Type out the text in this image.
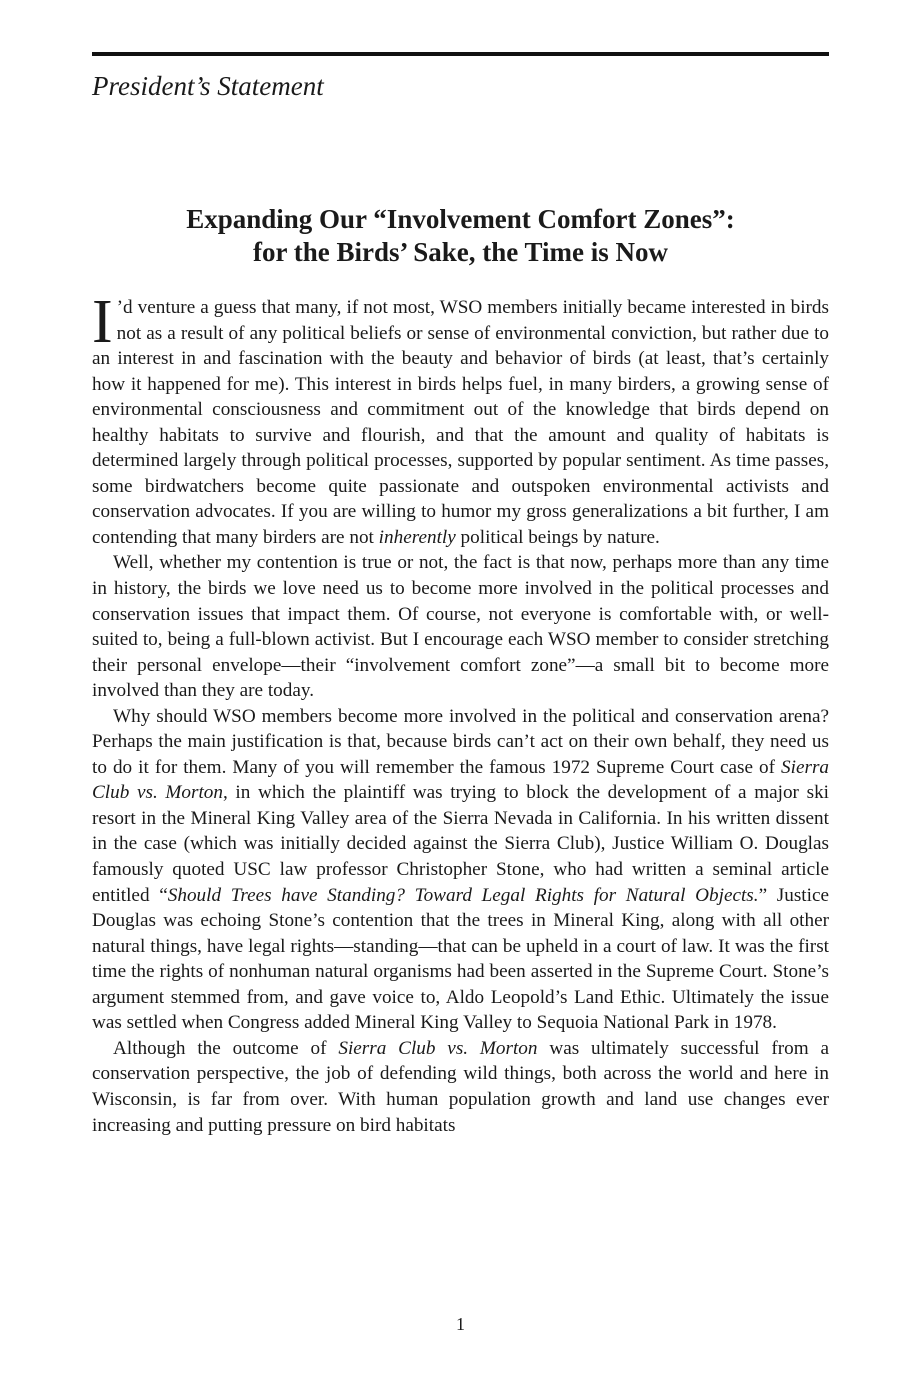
President’s Statement
Expanding Our “Involvement Comfort Zones”:
for the Birds’ Sake, the Time is Now

I ’d venture a guess that many, if not most, WSO members initially became interested in birds not as a result of any political beliefs or sense of environmental conviction, but rather due to an interest in and fascination with the beauty and behavior of birds (at least, that’s certainly how it happened for me). This interest in birds helps fuel, in many birders, a growing sense of environmental consciousness and commitment out of the knowledge that birds depend on healthy habitats to survive and flourish, and that the amount and quality of habitats is determined largely through political processes, supported by popular sentiment. As time passes, some birdwatchers become quite passionate and outspoken environmental activists and conservation advocates. If you are willing to humor my gross generalizations a bit further, I am contending that many birders are not inherently political beings by nature.

Well, whether my contention is true or not, the fact is that now, perhaps more than any time in history, the birds we love need us to become more involved in the political processes and conservation issues that impact them. Of course, not everyone is comfortable with, or well-suited to, being a full-blown activist. But I encourage each WSO member to consider stretching their personal envelope—their “involvement comfort zone”—a small bit to become more involved than they are today.

Why should WSO members become more involved in the political and conservation arena? Perhaps the main justification is that, because birds can’t act on their own behalf, they need us to do it for them. Many of you will remember the famous 1972 Supreme Court case of Sierra Club vs. Morton, in which the plaintiff was trying to block the development of a major ski resort in the Mineral King Valley area of the Sierra Nevada in California. In his written dissent in the case (which was initially decided against the Sierra Club), Justice William O. Douglas famously quoted USC law professor Christopher Stone, who had written a seminal article entitled “Should Trees have Standing? Toward Legal Rights for Natural Objects.” Justice Douglas was echoing Stone’s contention that the trees in Mineral King, along with all other natural things, have legal rights—standing—that can be upheld in a court of law. It was the first time the rights of nonhuman natural organisms had been asserted in the Supreme Court. Stone’s argument stemmed from, and gave voice to, Aldo Leopold’s Land Ethic. Ultimately the issue was settled when Congress added Mineral King Valley to Sequoia National Park in 1978.

Although the outcome of Sierra Club vs. Morton was ultimately successful from a conservation perspective, the job of defending wild things, both across the world and here in Wisconsin, is far from over. With human population growth and land use changes ever increasing and putting pressure on bird habitats

1
